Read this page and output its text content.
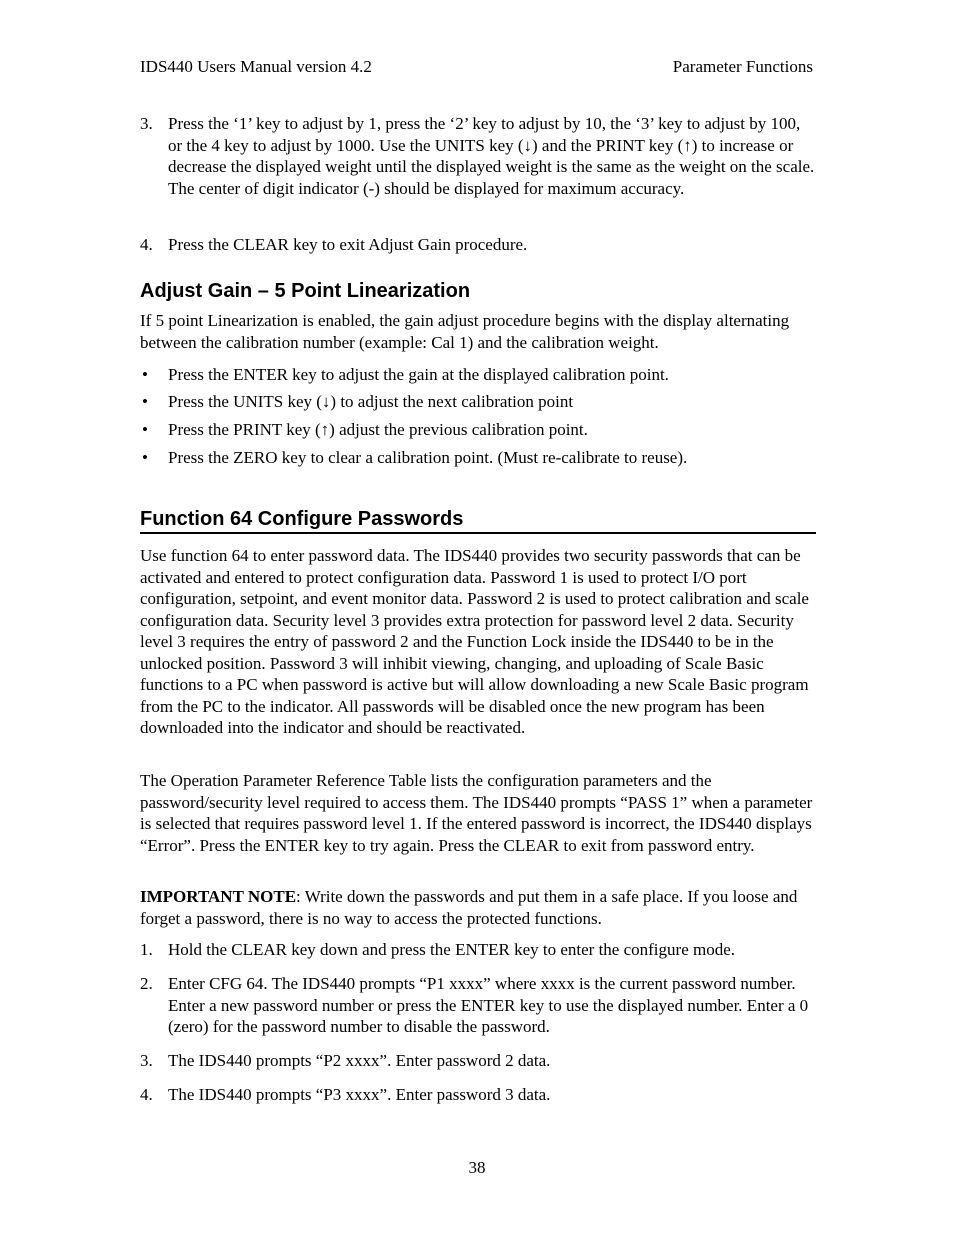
IDS440 Users Manual version 4.2	Parameter Functions
3. Press the ‘1’ key to adjust by 1, press the ‘2’ key to adjust by 10, the ‘3’ key to adjust by 100, or the 4 key to adjust by 1000. Use the UNITS key (↓) and the PRINT key (↑) to increase or decrease the displayed weight until the displayed weight is the same as the weight on the scale. The center of digit indicator (-) should be displayed for maximum accuracy.
4. Press the CLEAR key to exit Adjust Gain procedure.
Adjust Gain – 5 Point Linearization
If 5 point Linearization is enabled, the gain adjust procedure begins with the display alternating between the calibration number (example: Cal 1) and the calibration weight.
• Press the ENTER key to adjust the gain at the displayed calibration point.
• Press the UNITS key (↓) to adjust the next calibration point
• Press the PRINT key (↑) adjust the previous calibration point.
• Press the ZERO key to clear a calibration point. (Must re-calibrate to reuse).
Function 64 Configure Passwords
Use function 64 to enter password data. The IDS440 provides two security passwords that can be activated and entered to protect configuration data. Password 1 is used to protect I/O port configuration, setpoint, and event monitor data. Password 2 is used to protect calibration and scale configuration data. Security level 3 provides extra protection for password level 2 data. Security level 3 requires the entry of password 2 and the Function Lock inside the IDS440 to be in the unlocked position. Password 3 will inhibit viewing, changing, and uploading of Scale Basic functions to a PC when password is active but will allow downloading a new Scale Basic program from the PC to the indicator. All passwords will be disabled once the new program has been downloaded into the indicator and should be reactivated.
The Operation Parameter Reference Table lists the configuration parameters and the password/security level required to access them. The IDS440 prompts “PASS 1” when a parameter is selected that requires password level 1. If the entered password is incorrect, the IDS440 displays “Error”. Press the ENTER key to try again. Press the CLEAR to exit from password entry.
IMPORTANT NOTE: Write down the passwords and put them in a safe place. If you loose and forget a password, there is no way to access the protected functions.
1. Hold the CLEAR key down and press the ENTER key to enter the configure mode.
2. Enter CFG 64. The IDS440 prompts “P1 xxxx” where xxxx is the current password number. Enter a new password number or press the ENTER key to use the displayed number. Enter a 0 (zero) for the password number to disable the password.
3. The IDS440 prompts “P2 xxxx”. Enter password 2 data.
4. The IDS440 prompts “P3 xxxx”. Enter password 3 data.
38
